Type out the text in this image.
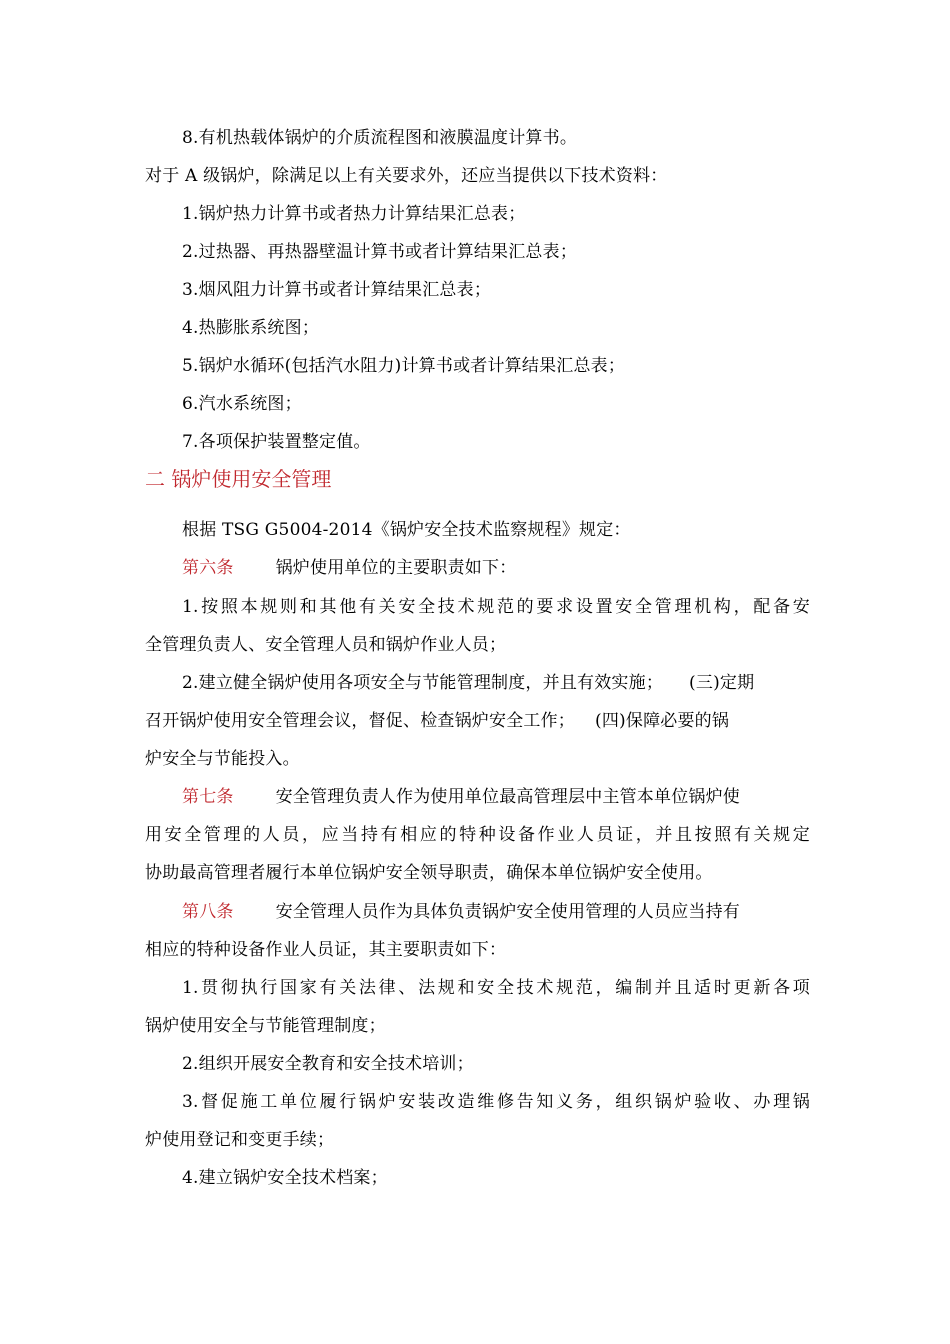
8.有机热载体锅炉的介质流程图和液膜温度计算书。
对于 A 级锅炉，除满足以上有关要求外，还应当提供以下技术资料：
1.锅炉热力计算书或者热力计算结果汇总表；
2.过热器、再热器壁温计算书或者计算结果汇总表；
3.烟风阻力计算书或者计算结果汇总表；
4.热膨胀系统图；
5.锅炉水循环(包括汽水阻力)计算书或者计算结果汇总表；
6.汽水系统图；
7.各项保护装置整定值。
二 锅炉使用安全管理
根据 TSG G5004-2014《锅炉安全技术监察规程》规定：
第六条 锅炉使用单位的主要职责如下：
1.按照本规则和其他有关安全技术规范的要求设置安全管理机构，配备安
全管理负责人、安全管理人员和锅炉作业人员；
2.建立健全锅炉使用各项安全与节能管理制度，并且有效实施； (三)定期
召开锅炉使用安全管理会议，督促、检查锅炉安全工作； (四)保障必要的锅
炉安全与节能投入。
第七条 安全管理负责人作为使用单位最高管理层中主管本单位锅炉使
用安全管理的人员，应当持有相应的特种设备作业人员证，并且按照有关规定
协助最高管理者履行本单位锅炉安全领导职责，确保本单位锅炉安全使用。
第八条 安全管理人员作为具体负责锅炉安全使用管理的人员应当持有
相应的特种设备作业人员证，其主要职责如下：
1.贯彻执行国家有关法律、法规和安全技术规范，编制并且适时更新各项
锅炉使用安全与节能管理制度；
2.组织开展安全教育和安全技术培训；
3.督促施工单位履行锅炉安装改造维修告知义务，组织锅炉验收、办理锅
炉使用登记和变更手续；
4.建立锅炉安全技术档案；
